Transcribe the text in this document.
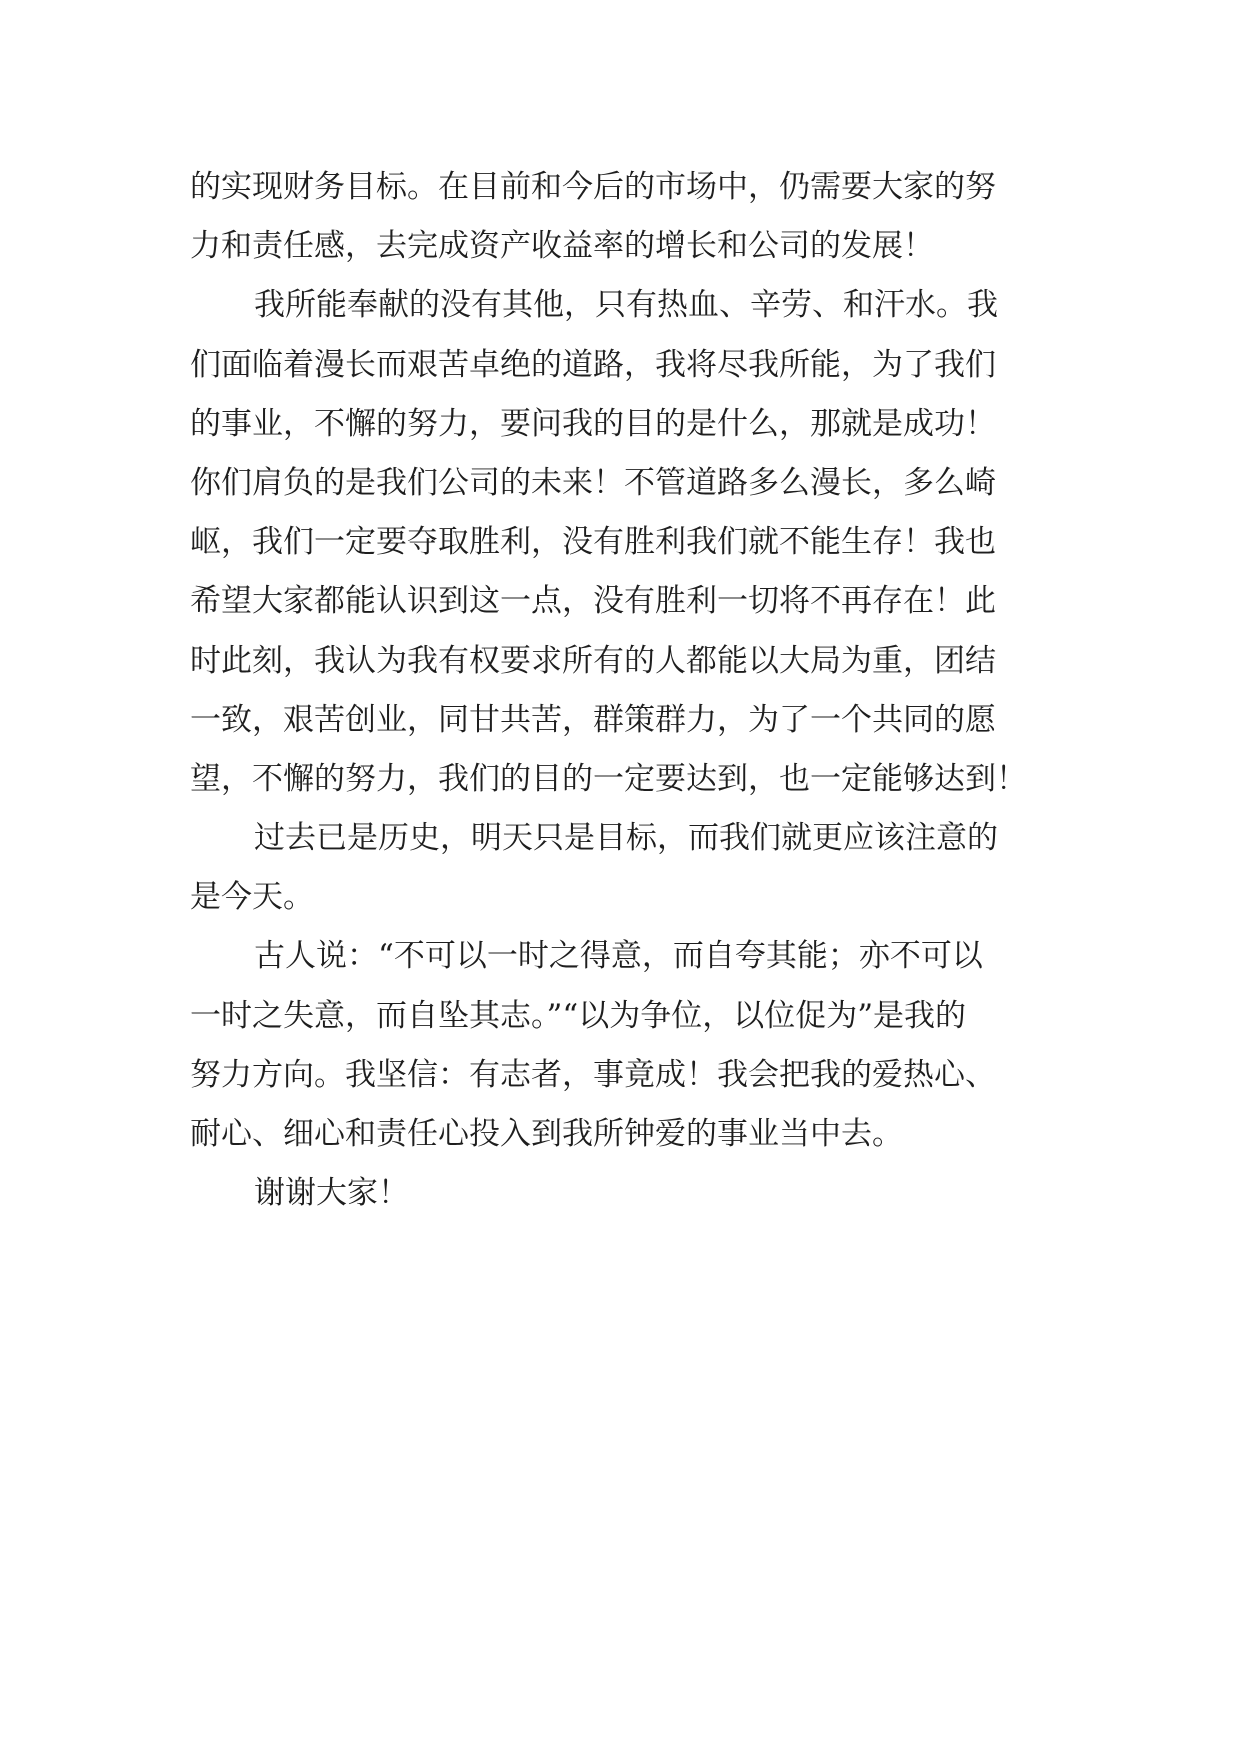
的实现财务目标。在目前和今后的市场中，仍需要大家的努
力和责任感，去完成资产收益率的增长和公司的发展！
我所能奉献的没有其他，只有热血、辛劳、和汗水。我
们面临着漫长而艰苦卓绝的道路，我将尽我所能，为了我们
的事业，不懈的努力，要问我的目的是什么，那就是成功！
你们肩负的是我们公司的未来！不管道路多么漫长，多么崎
岖，我们一定要夺取胜利，没有胜利我们就不能生存！我也
希望大家都能认识到这一点，没有胜利一切将不再存在！此
时此刻，我认为我有权要求所有的人都能以大局为重，团结
一致，艰苦创业，同甘共苦，群策群力，为了一个共同的愿
望，不懈的努力，我们的目的一定要达到，也一定能够达到！
过去已是历史，明天只是目标，而我们就更应该注意的
是今天。
古人说：“不可以一时之得意，而自夸其能；亦不可以
一时之失意，而自坠其志。”“以为争位，以位促为”是我的
努力方向。我坚信：有志者，事竟成！我会把我的爱热心、
耐心、细心和责任心投入到我所钟爱的事业当中去。
谢谢大家！
